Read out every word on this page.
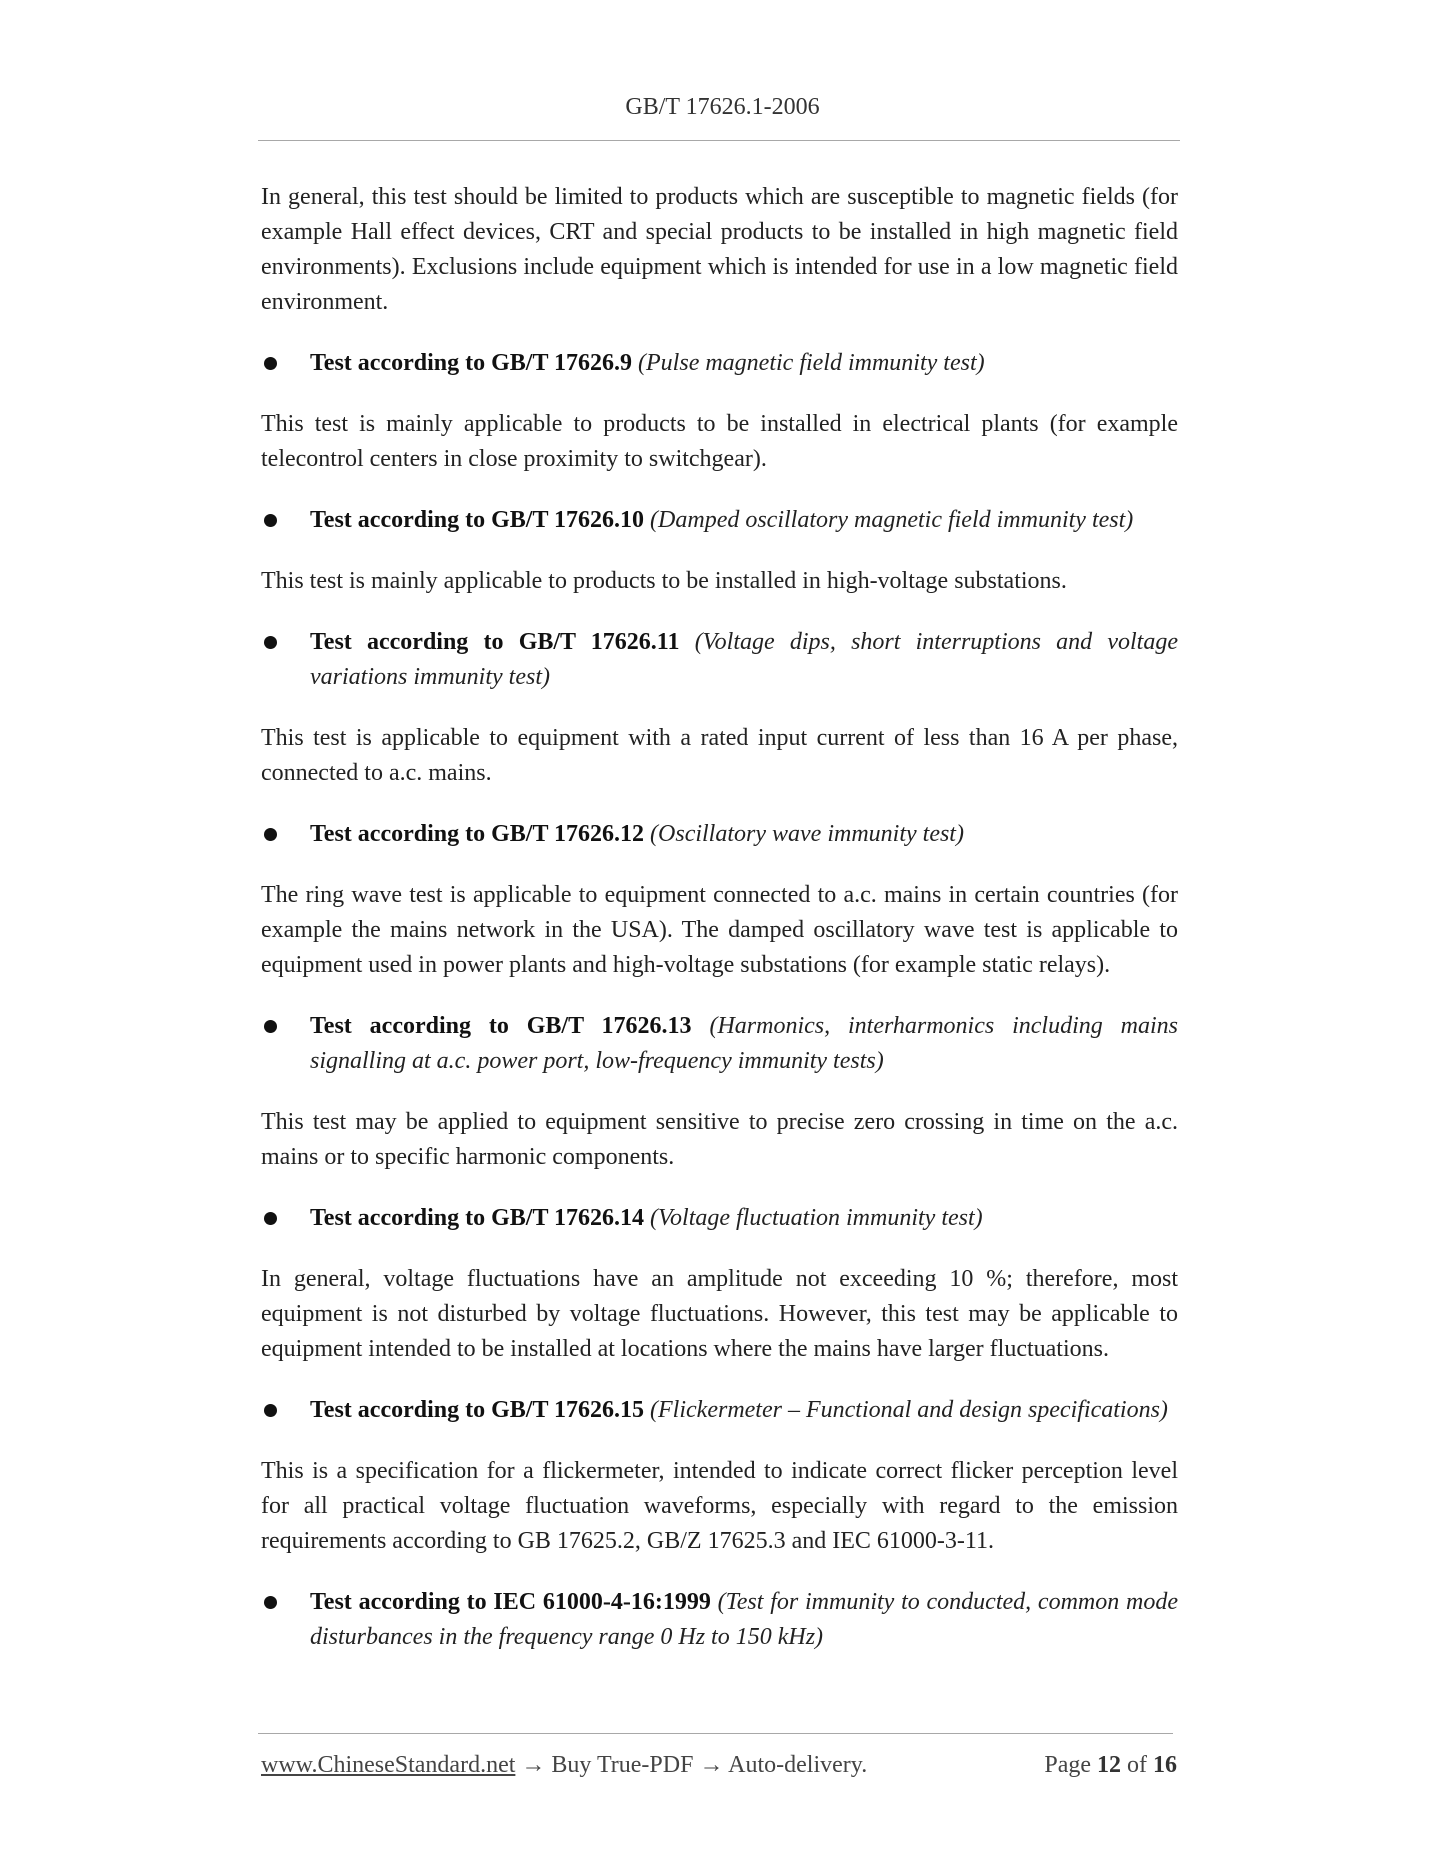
GB/T 17626.1-2006

In general, this test should be limited to products which are susceptible to magnetic fields (for example Hall effect devices, CRT and special products to be installed in high magnetic field environments). Exclusions include equipment which is intended for use in a low magnetic field environment.

Test according to GB/T 17626.9 (Pulse magnetic field immunity test)

This test is mainly applicable to products to be installed in electrical plants (for example telecontrol centers in close proximity to switchgear).

Test according to GB/T 17626.10 (Damped oscillatory magnetic field immunity test)

This test is mainly applicable to products to be installed in high-voltage substations.

Test according to GB/T 17626.11 (Voltage dips, short interruptions and voltage variations immunity test)

This test is applicable to equipment with a rated input current of less than 16 A per phase, connected to a.c. mains.

Test according to GB/T 17626.12 (Oscillatory wave immunity test)

The ring wave test is applicable to equipment connected to a.c. mains in certain countries (for example the mains network in the USA). The damped oscillatory wave test is applicable to equipment used in power plants and high-voltage substations (for example static relays).

Test according to GB/T 17626.13 (Harmonics, interharmonics including mains signalling at a.c. power port, low-frequency immunity tests)

This test may be applied to equipment sensitive to precise zero crossing in time on the a.c. mains or to specific harmonic components.

Test according to GB/T 17626.14 (Voltage fluctuation immunity test)

In general, voltage fluctuations have an amplitude not exceeding 10 %; therefore, most equipment is not disturbed by voltage fluctuations. However, this test may be applicable to equipment intended to be installed at locations where the mains have larger fluctuations.

Test according to GB/T 17626.15 (Flickermeter – Functional and design specifications)

This is a specification for a flickermeter, intended to indicate correct flicker perception level for all practical voltage fluctuation waveforms, especially with regard to the emission requirements according to GB 17625.2, GB/Z 17625.3 and IEC 61000-3-11.

Test according to IEC 61000-4-16:1999 (Test for immunity to conducted, common mode disturbances in the frequency range 0 Hz to 150 kHz)
www.ChineseStandard.net → Buy True-PDF → Auto-delivery.	Page 12 of 16
